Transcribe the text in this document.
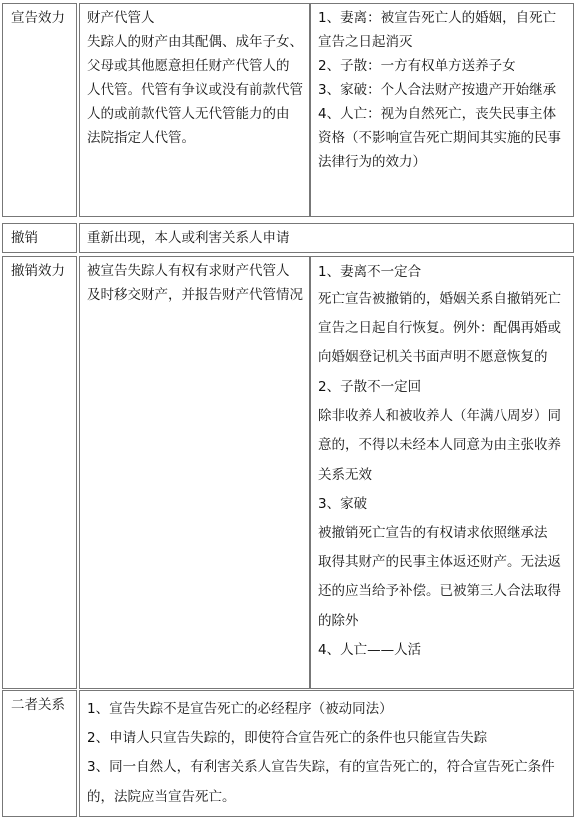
宣告效力 财产代管人
失踪人的财产由其配偶、成年子女、
父母或其他愿意担任财产代管人的
人代管。代管有争议或没有前款代管
人的或前款代管人无代管能力的由
法院指定人代管。
1、妻离：被宣告死亡人的婚姻，自死亡
宣告之日起消灭
2、子散：一方有权单方送养子女
3、家破：个人合法财产按遗产开始继承
4、人亡：视为自然死亡，丧失民事主体
资格（不影响宣告死亡期间其实施的民事
法律行为的效力）
撤销	重新出现，本人或利害关系人申请
撤销效力 被宣告失踪人有权有求财产代管人
及时移交财产，并报告财产代管情况
1、妻离不一定合
死亡宣告被撤销的，婚姻关系自撤销死亡
宣告之日起自行恢复。例外：配偶再婚或
向婚姻登记机关书面声明不愿意恢复的
2、子散不一定回
除非收养人和被收养人（年满八周岁）同
意的，不得以未经本人同意为由主张收养
关系无效
3、家破
被撤销死亡宣告的有权请求依照继承法
取得其财产的民事主体返还财产。无法返
还的应当给予补偿。已被第三人合法取得
的除外
4、人亡——人活
二者关系 1、宣告失踪不是宣告死亡的必经程序（被动同法）
2、申请人只宣告失踪的，即使符合宣告死亡的条件也只能宣告失踪
3、同一自然人，有利害关系人宣告失踪，有的宣告死亡的，符合宣告死亡条件
的，法院应当宣告死亡。
